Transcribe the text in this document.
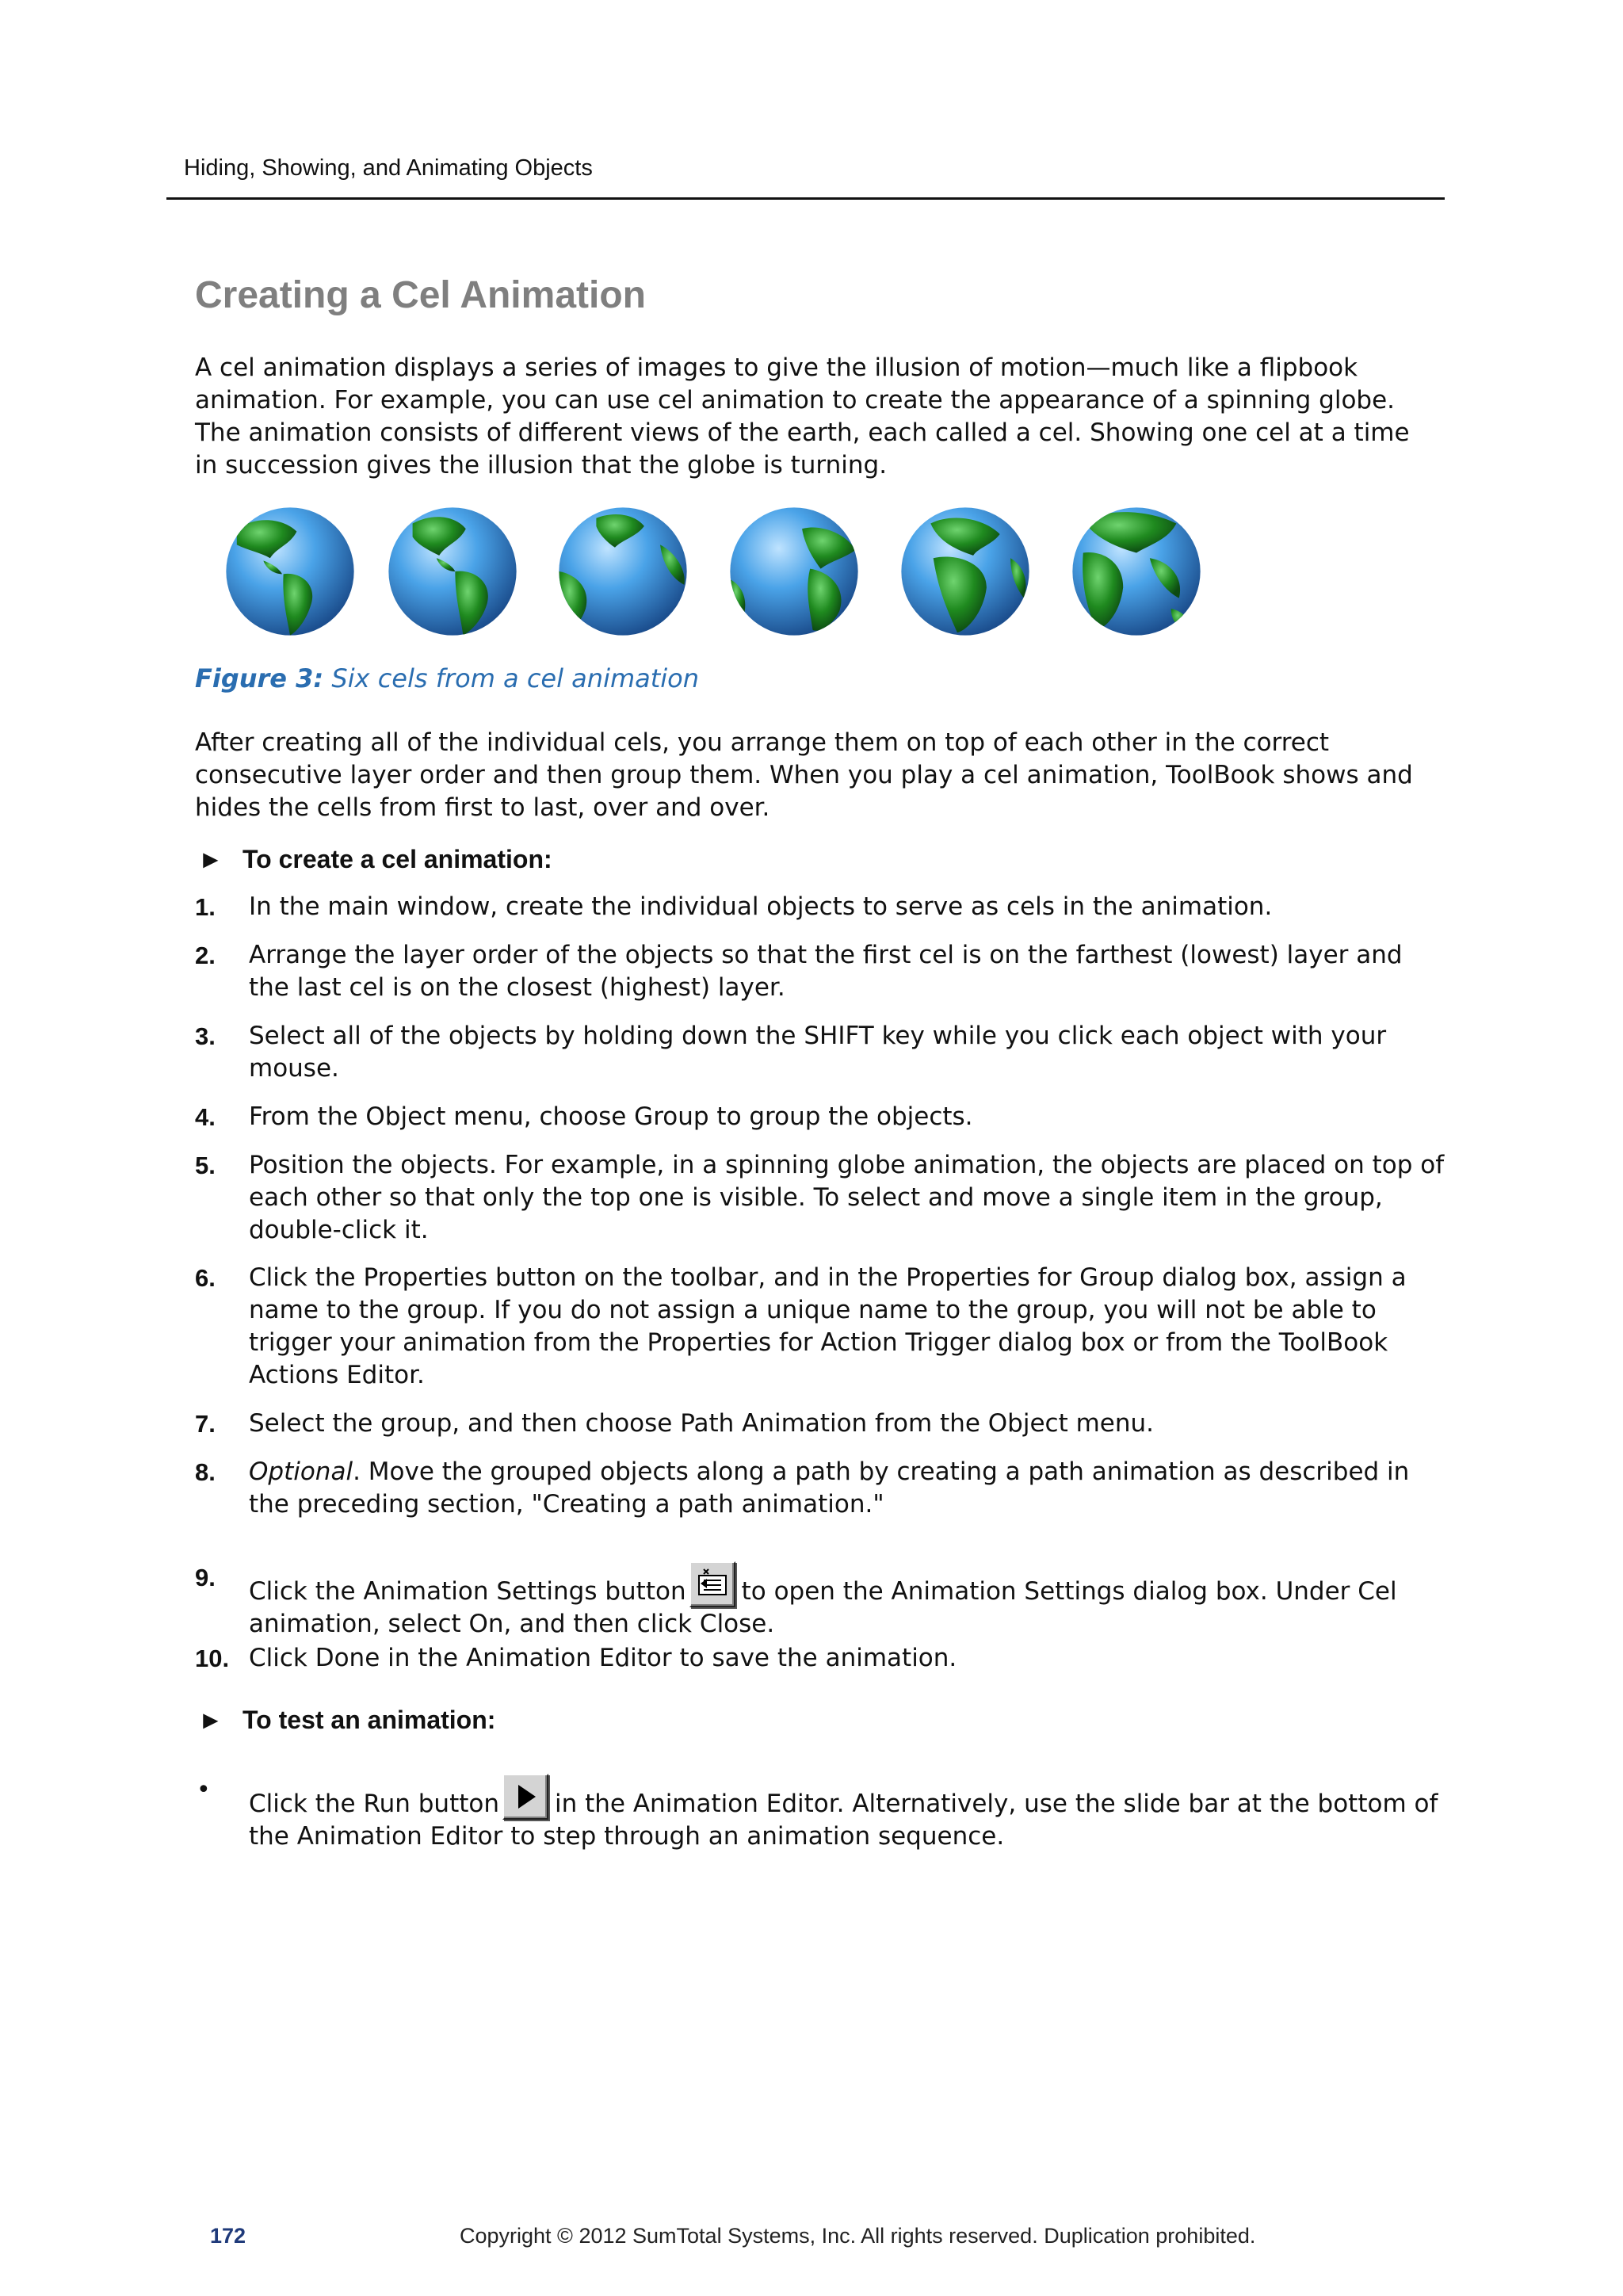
Hiding, Showing, and Animating Objects
Creating a Cel Animation

A cel animation displays a series of images to give the illusion of motion—much like a flipbook animation. For example, you can use cel animation to create the appearance of a spinning globe. The animation consists of different views of the earth, each called a cel. Showing one cel at a time in succession gives the illusion that the globe is turning.

Figure 3: Six cels from a cel animation

After creating all of the individual cels, you arrange them on top of each other in the correct consecutive layer order and then group them. When you play a cel animation, ToolBook shows and hides the cells from first to last, over and over.

► To create a cel animation:
1. In the main window, create the individual objects to serve as cels in the animation.
2. Arrange the layer order of the objects so that the first cel is on the farthest (lowest) layer and the last cel is on the closest (highest) layer.
3. Select all of the objects by holding down the SHIFT key while you click each object with your mouse.
4. From the Object menu, choose Group to group the objects.
5. Position the objects. For example, in a spinning globe animation, the objects are placed on top of each other so that only the top one is visible. To select and move a single item in the group, double-click it.
6. Click the Properties button on the toolbar, and in the Properties for Group dialog box, assign a name to the group. If you do not assign a unique name to the group, you will not be able to trigger your animation from the Properties for Action Trigger dialog box or from the ToolBook Actions Editor.
7. Select the group, and then choose Path Animation from the Object menu.
8. Optional. Move the grouped objects along a path by creating a path animation as described in the preceding section, "Creating a path animation."
9. Click the Animation Settings button to open the Animation Settings dialog box. Under Cel animation, select On, and then click Close.
10. Click Done in the Animation Editor to save the animation.
► To test an animation:
• Click the Run button in the Animation Editor. Alternatively, use the slide bar at the bottom of the Animation Editor to step through an animation sequence.
172	Copyright © 2012 SumTotal Systems, Inc. All rights reserved. Duplication prohibited.
